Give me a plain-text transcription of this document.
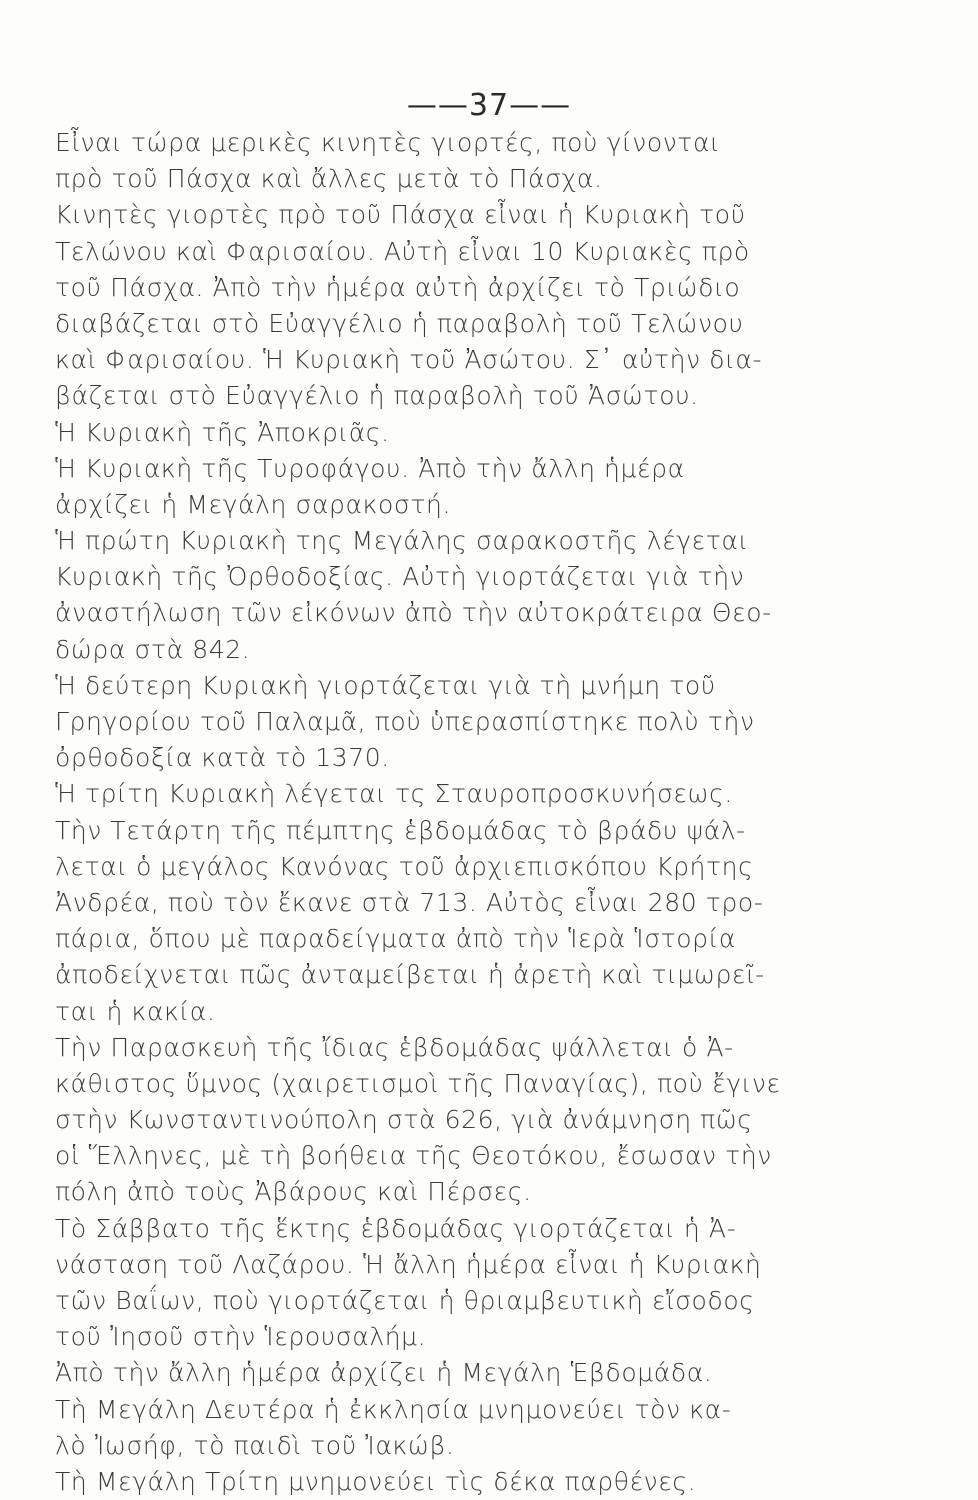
——37——
Εἶναι τώρα μερικὲς κινητὲς γιορτές, ποὺ γίνονται
πρὸ τοῦ Πάσχα καὶ ἄλλες μετὰ τὸ Πάσχα.
Κινητὲς γιορτὲς πρὸ τοῦ Πάσχα εἶναι ἡ Κυριακὴ τοῦ
Τελώνου καὶ Φαρισαίου. Αὐτὴ εἶναι 10 Κυριακὲς πρὸ
τοῦ Πάσχα. Ἀπὸ τὴν ἡμέρα αὐτὴ ἀρχίζει τὸ Τριώδιο
διαβάζεται στὸ Εὐαγγέλιο ἡ παραβολὴ τοῦ Τελώνου
καὶ Φαρισαίου. Ἡ Κυριακὴ τοῦ Ἀσώτου. Σ᾽ αὐτὴν δια-
βάζεται στὸ Εὐαγγέλιο ἡ παραβολὴ τοῦ Ἀσώτου.
Ἡ Κυριακὴ τῆς Ἀποκριᾶς.
Ἡ Κυριακὴ τῆς Τυροφάγου. Ἀπὸ τὴν ἄλλη ἡμέρα
ἀρχίζει ἡ Μεγάλη σαρακοστή.
Ἡ πρώτη Κυριακὴ της Μεγάλης σαρακοστῆς λέγεται
Κυριακὴ τῆς Ὀρθοδοξίας. Αὐτὴ γιορτάζεται γιὰ τὴν
ἀναστήλωση τῶν εἰκόνων ἀπὸ τὴν αὐτοκράτειρα Θεο-
δώρα στὰ 842.
Ἡ δεύτερη Κυριακὴ γιορτάζεται γιὰ τὴ μνήμη τοῦ
Γρηγορίου τοῦ Παλαμᾶ, ποὺ ὑπερασπίστηκε πολὺ τὴν
ὀρθοδοξία κατὰ τὸ 1370.
Ἡ τρίτη Κυριακὴ λέγεται τς Σταυροπροσκυνήσεως.
Τὴν Τετάρτη τῆς πέμπτης ἑβδομάδας τὸ βράδυ ψάλ-
λεται ὁ μεγάλος Κανόνας τοῦ ἀρχιεπισκόπου Κρήτης
Ἀνδρέα, ποὺ τὸν ἔκανε στὰ 713. Αὐτὸς εἶναι 280 τρο-
πάρια, ὅπου μὲ παραδείγματα ἀπὸ τὴν Ἱερὰ Ἱστορία
ἀποδείχνεται πῶς ἀνταμείβεται ἡ ἀρετὴ καὶ τιμωρεῖ-
ται ἡ κακία.
Τὴν Παρασκευὴ τῆς ἴδιας ἑβδομάδας ψάλλεται ὁ Ἀ-
κάθιστος ὕμνος (χαιρετισμοὶ τῆς Παναγίας), ποὺ ἔγινε
στὴν Κωνσταντινούπολη στὰ 626, γιὰ ἀνάμνηση πῶς
οἱ Ἕλληνες, μὲ τὴ βοήθεια τῆς Θεοτόκου, ἔσωσαν τὴν
πόλη ἀπὸ τοὺς Ἀβάρους καὶ Πέρσες.
Τὸ Σάββατο τῆς ἕκτης ἑβδομάδας γιορτάζεται ἡ Ἀ-
νάσταση τοῦ Λαζάρου. Ἡ ἄλλη ἡμέρα εἶναι ἡ Κυριακὴ
τῶν Βαΐων, ποὺ γιορτάζεται ἡ θριαμβευτικὴ εἴσοδος
τοῦ Ἰησοῦ στὴν Ἱερουσαλήμ.
Ἀπὸ τὴν ἄλλη ἡμέρα ἀρχίζει ἡ Μεγάλη Ἑβδομάδα.
Τὴ Μεγάλη Δευτέρα ἡ ἐκκλησία μνημονεύει τὸν κα-
λὸ Ἰωσήφ, τὸ παιδὶ τοῦ Ἰακώβ.
Τὴ Μεγάλη Τρίτη μνημονεύει τὶς δέκα παρθένες.
